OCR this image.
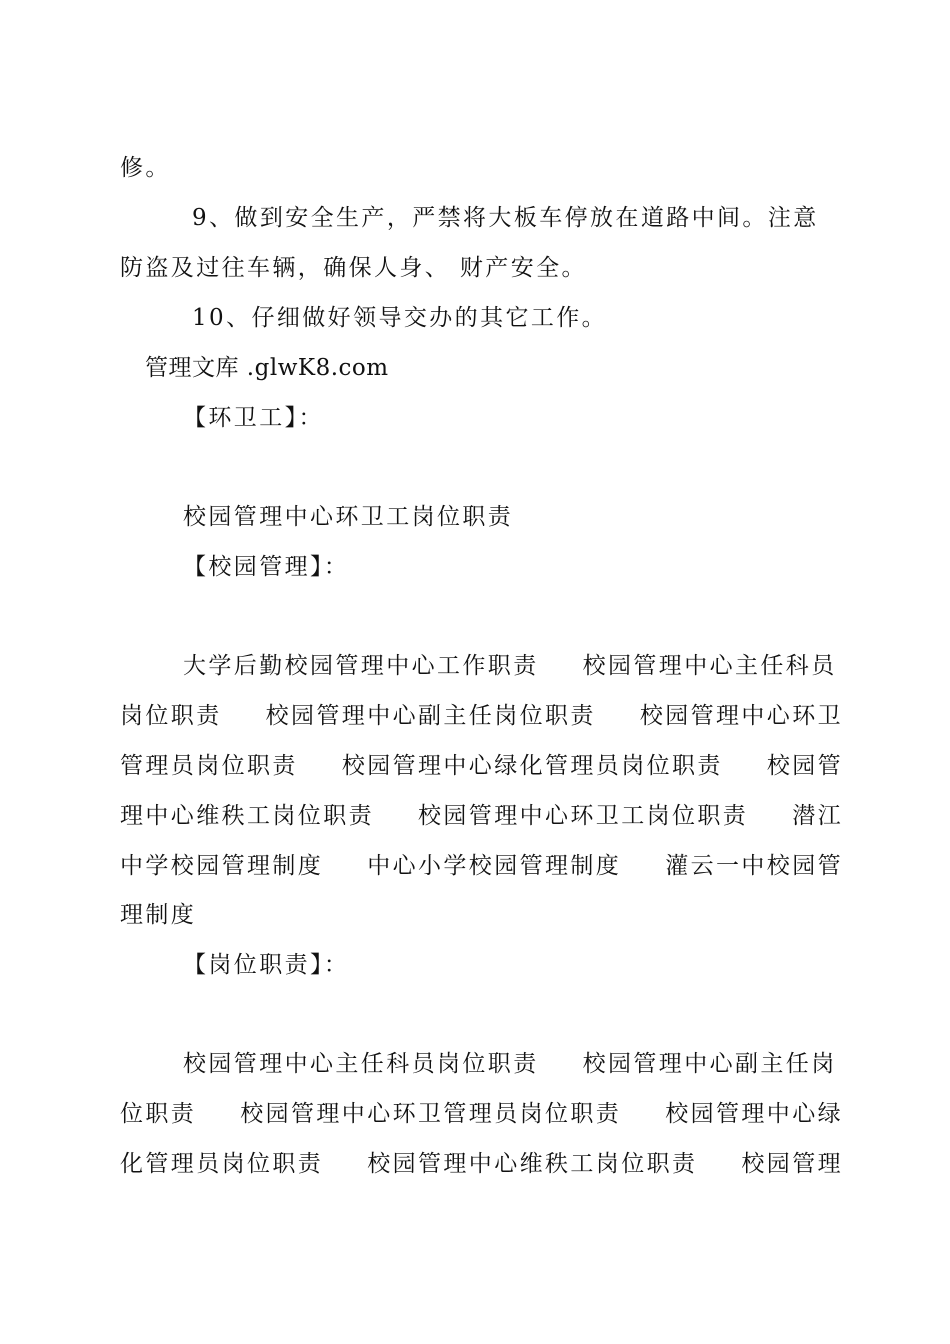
修。
9、做到安全生产，严禁将大板车停放在道路中间。注意
防盗及过往车辆，确保人身、 财产安全。
10、仔细做好领导交办的其它工作。
管理文库 .glwK8.com
【环卫工】：
校园管理中心环卫工岗位职责
【校园管理】：
大学后勤校园管理中心工作职责 校园管理中心主任科员
岗位职责 校园管理中心副主任岗位职责 校园管理中心环卫
管理员岗位职责 校园管理中心绿化管理员岗位职责 校园管
理中心维秩工岗位职责 校园管理中心环卫工岗位职责 潜江
中学校园管理制度 中心小学校园管理制度 灌云一中校园管
理制度
【岗位职责】：
校园管理中心主任科员岗位职责 校园管理中心副主任岗
位职责 校园管理中心环卫管理员岗位职责 校园管理中心绿
化管理员岗位职责 校园管理中心维秩工岗位职责 校园管理
